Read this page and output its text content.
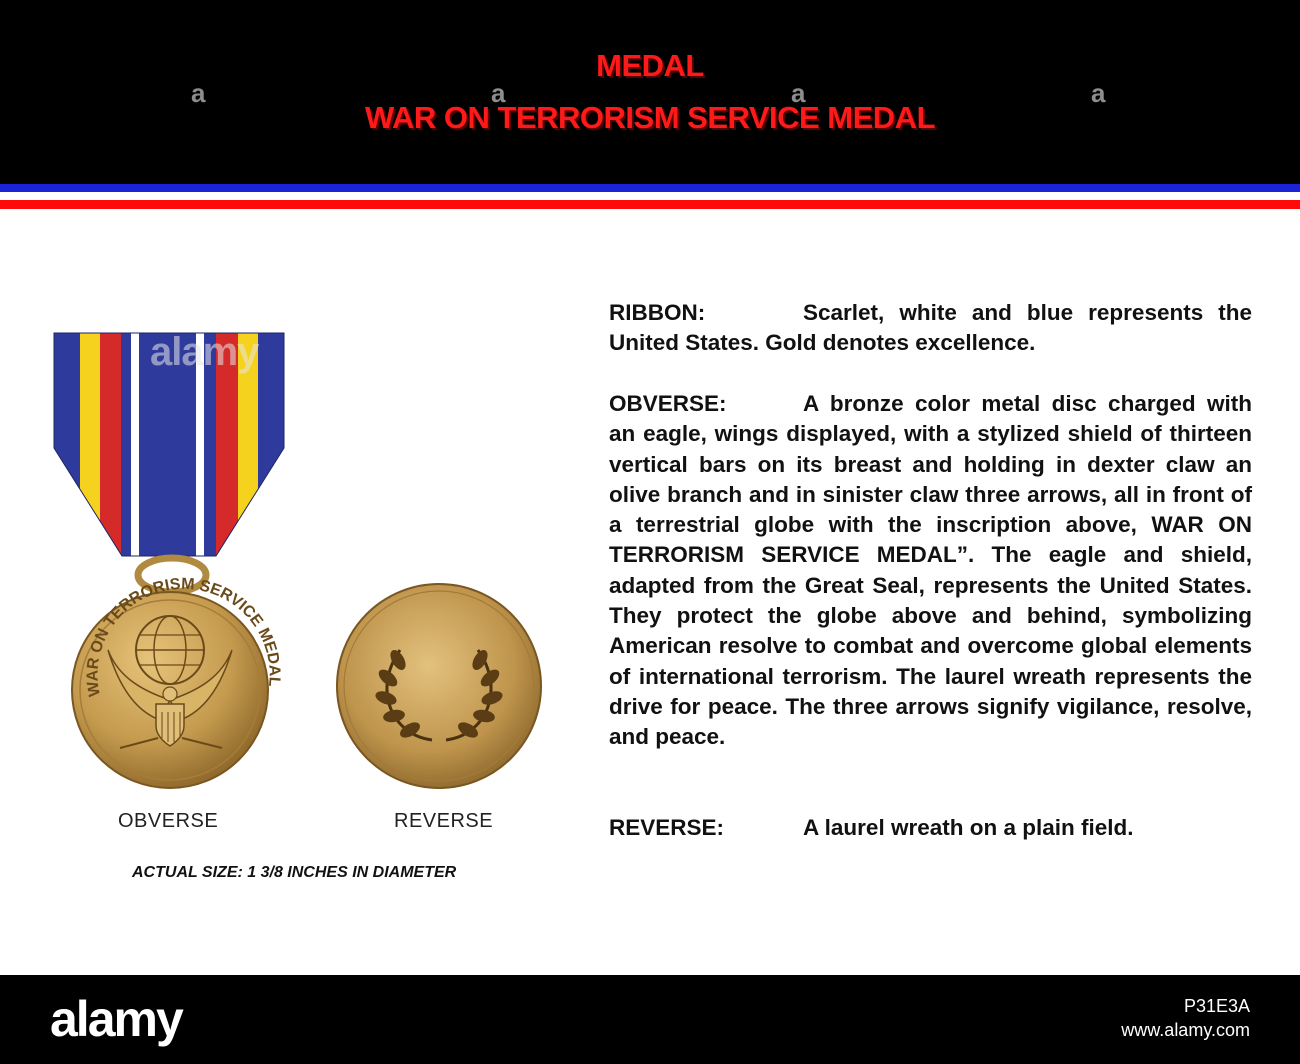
MEDAL
WAR ON TERRORISM SERVICE MEDAL
a	a	a	a
WAR ON TERRORISM SERVICE MEDAL
alamy
OBVERSE	REVERSE
ACTUAL SIZE: 1 3/8 INCHES IN DIAMETER
RIBBON:	Scarlet, white and blue represents the United States. Gold denotes excellence.
OBVERSE:	A bronze color metal disc charged with an eagle, wings displayed, with a stylized shield of thirteen vertical bars on its breast and holding in dexter claw an olive branch and in sinister claw three arrows, all in front of a terrestrial globe with the inscription above, WAR ON TERRORISM SERVICE MEDAL”. The eagle and shield, adapted from the Great Seal, represents the United States. They protect the globe above and behind, symbolizing American resolve to combat and overcome global elements of international terrorism. The laurel wreath represents the drive for peace. The three arrows signify vigilance, resolve, and peace.
REVERSE:	A laurel wreath on a plain field.
alamy	P31E3A
www.alamy.com
